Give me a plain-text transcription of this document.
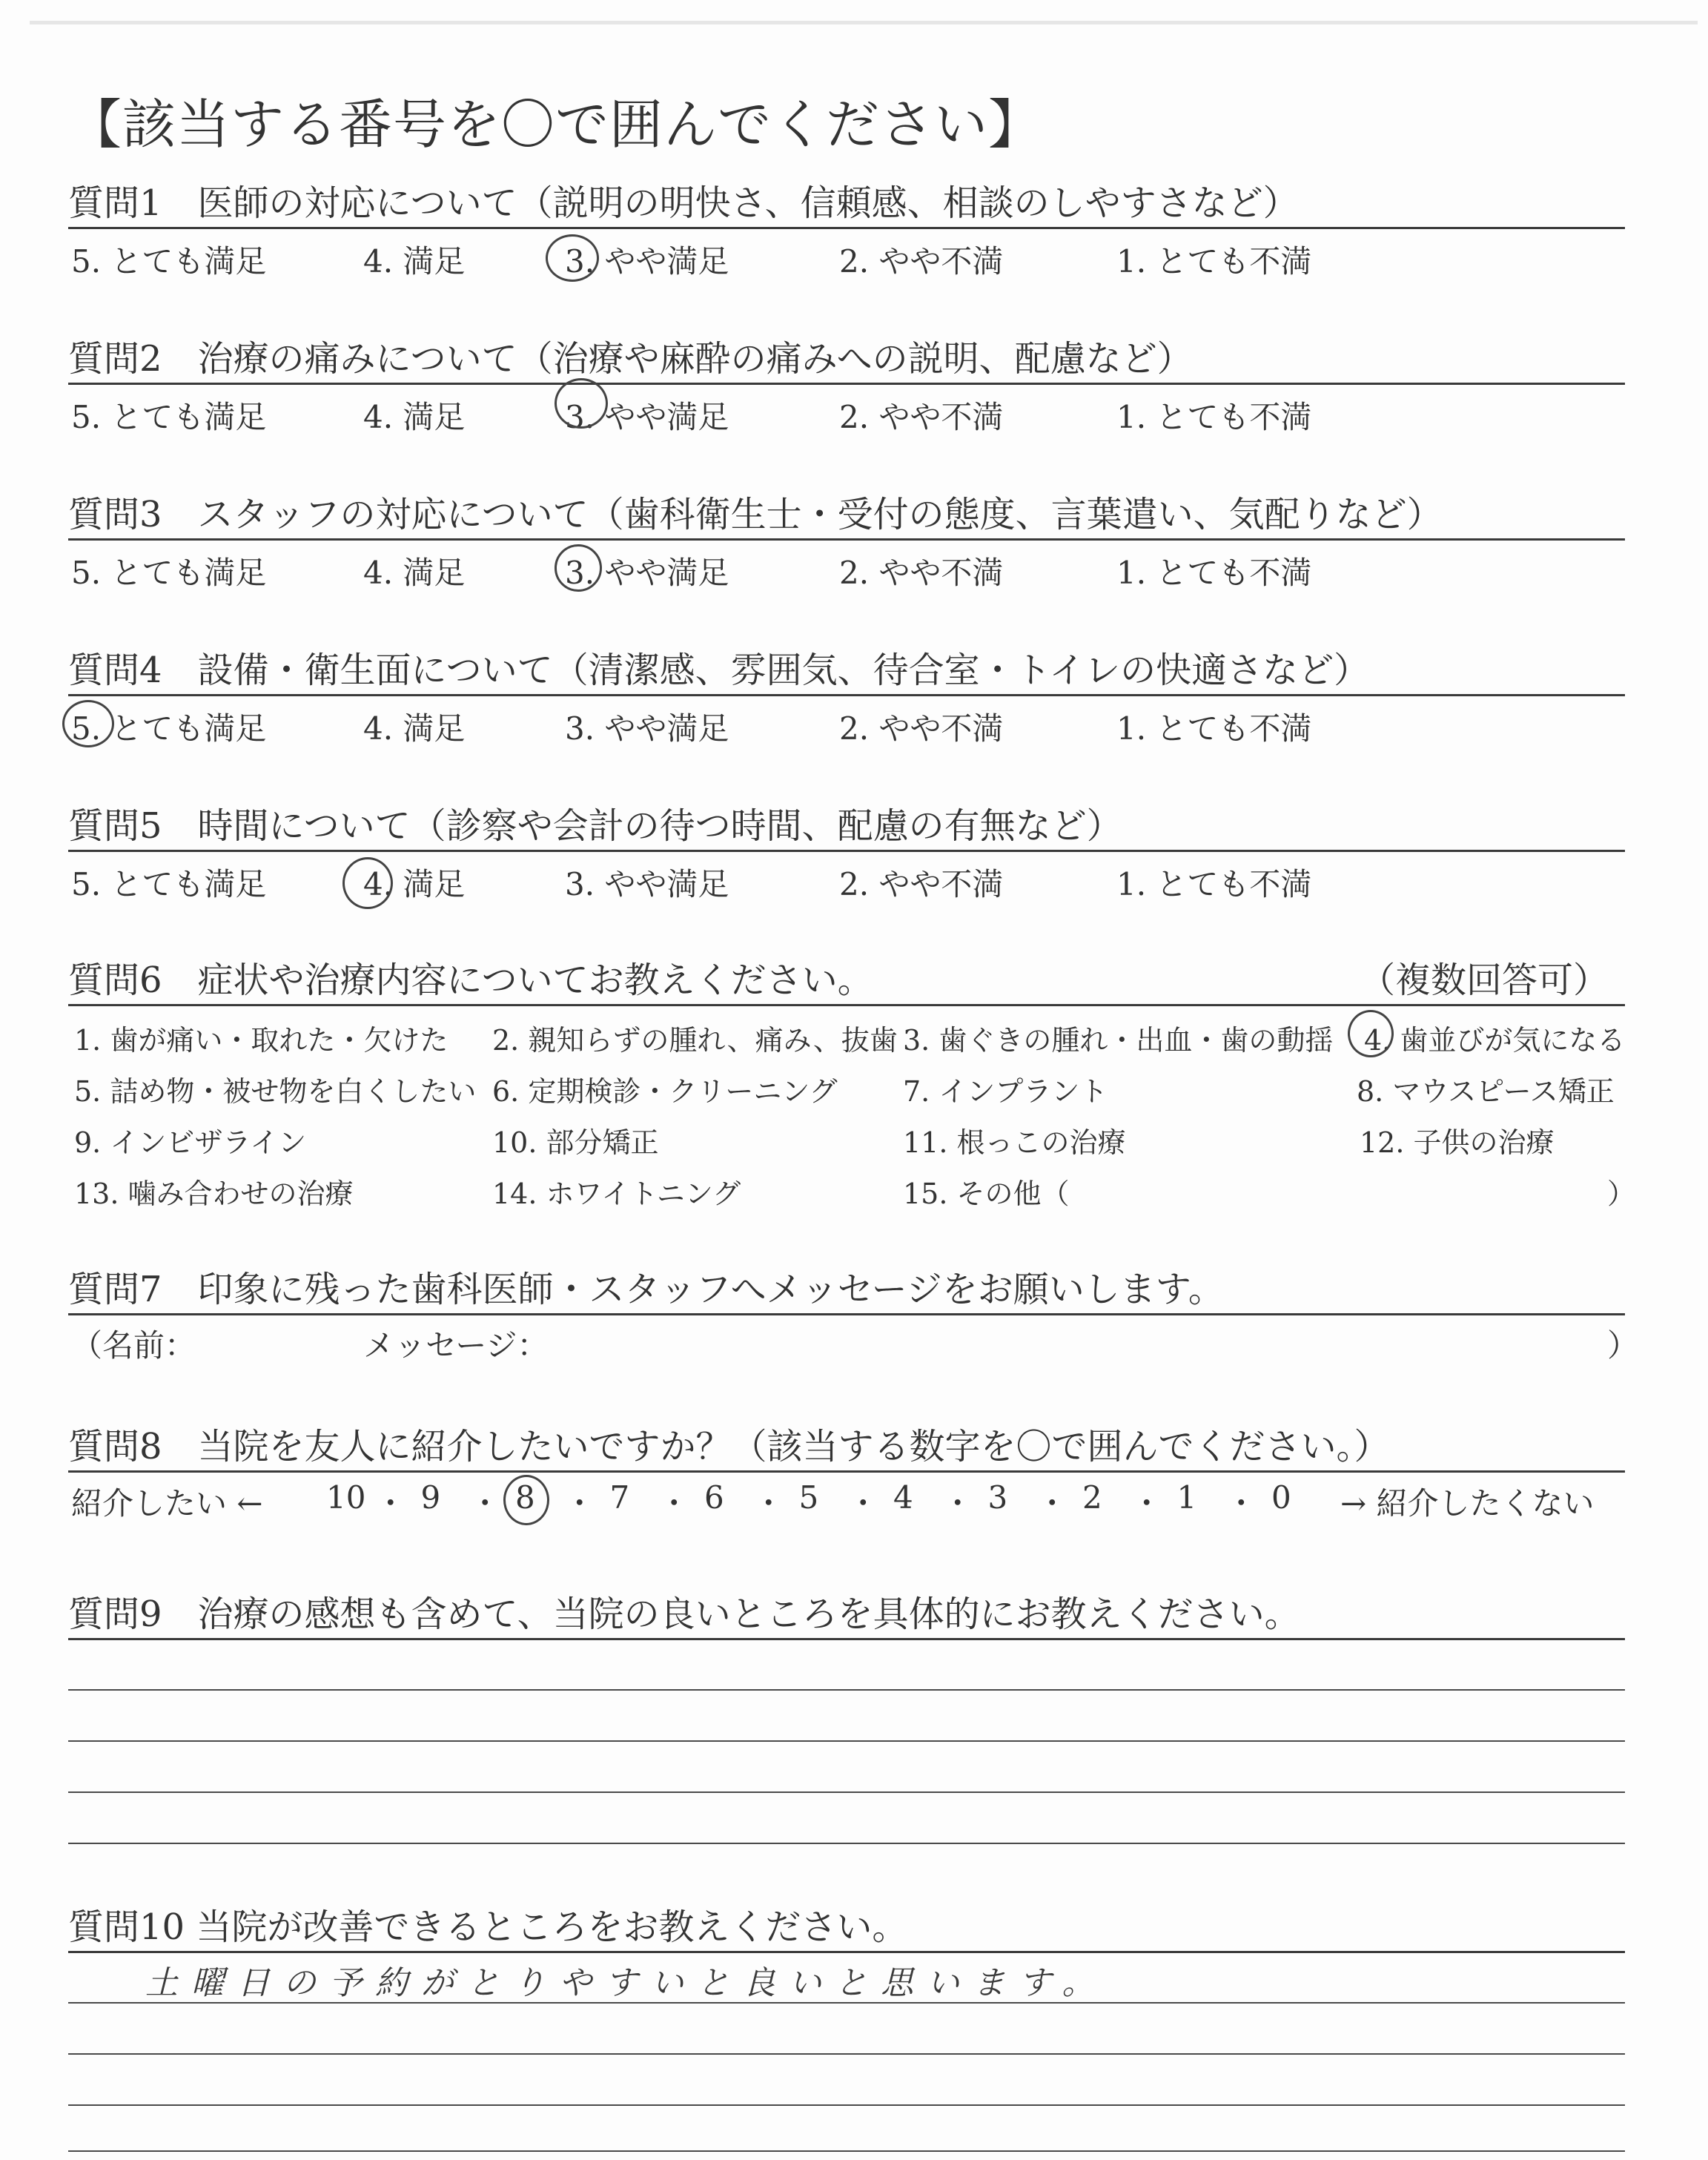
【該当する番号を〇で囲んでください】
質問1　医師の対応について（説明の明快さ、信頼感、相談のしやすさなど）
5. とても満足	4. 満足	3. やや満足	2. やや不満	1. とても不満
質問2　治療の痛みについて（治療や麻酔の痛みへの説明、配慮など）
5. とても満足	4. 満足	3. やや満足	2. やや不満	1. とても不満
質問3　スタッフの対応について（歯科衛生士・受付の態度、言葉遣い、気配りなど）
5. とても満足	4. 満足	3. やや満足	2. やや不満	1. とても不満
質問4　設備・衛生面について（清潔感、雰囲気、待合室・トイレの快適さなど）
5. とても満足	4. 満足	3. やや満足	2. やや不満	1. とても不満
質問5　時間について（診察や会計の待つ時間、配慮の有無など）
5. とても満足	4. 満足	3. やや満足	2. やや不満	1. とても不満
質問6　症状や治療内容についてお教えください。	（複数回答可）
1. 歯が痛い・取れた・欠けた 2. 親知らずの腫れ、痛み、抜歯 3. 歯ぐきの腫れ・出血・歯の動揺 4. 歯並びが気になる
5. 詰め物・被せ物を白くしたい 6. 定期検診・クリーニング 7. インプラント	8. マウスピース矯正
9. インビザライン	10. 部分矯正	11. 根っこの治療	12. 子供の治療
13. 噛み合わせの治療	14. ホワイトニング	15. その他（	）
質問7　印象に残った歯科医師・スタッフへメッセージをお願いします。
（名前：	メッセージ：	）
質問8　当院を友人に紹介したいですか？（該当する数字を〇で囲んでください。）
紹介したい ←	→ 紹介したくない
10 ・ 9 ・ 8 ・ 7 ・ 6 ・ 5 ・ 4 ・ 3 ・ 2 ・ 1 ・ 0
質問9　治療の感想も含めて、当院の良いところを具体的にお教えください。
質問10 当院が改善できるところをお教えください。
土曜日の予約がとりやすいと良いと思います。
